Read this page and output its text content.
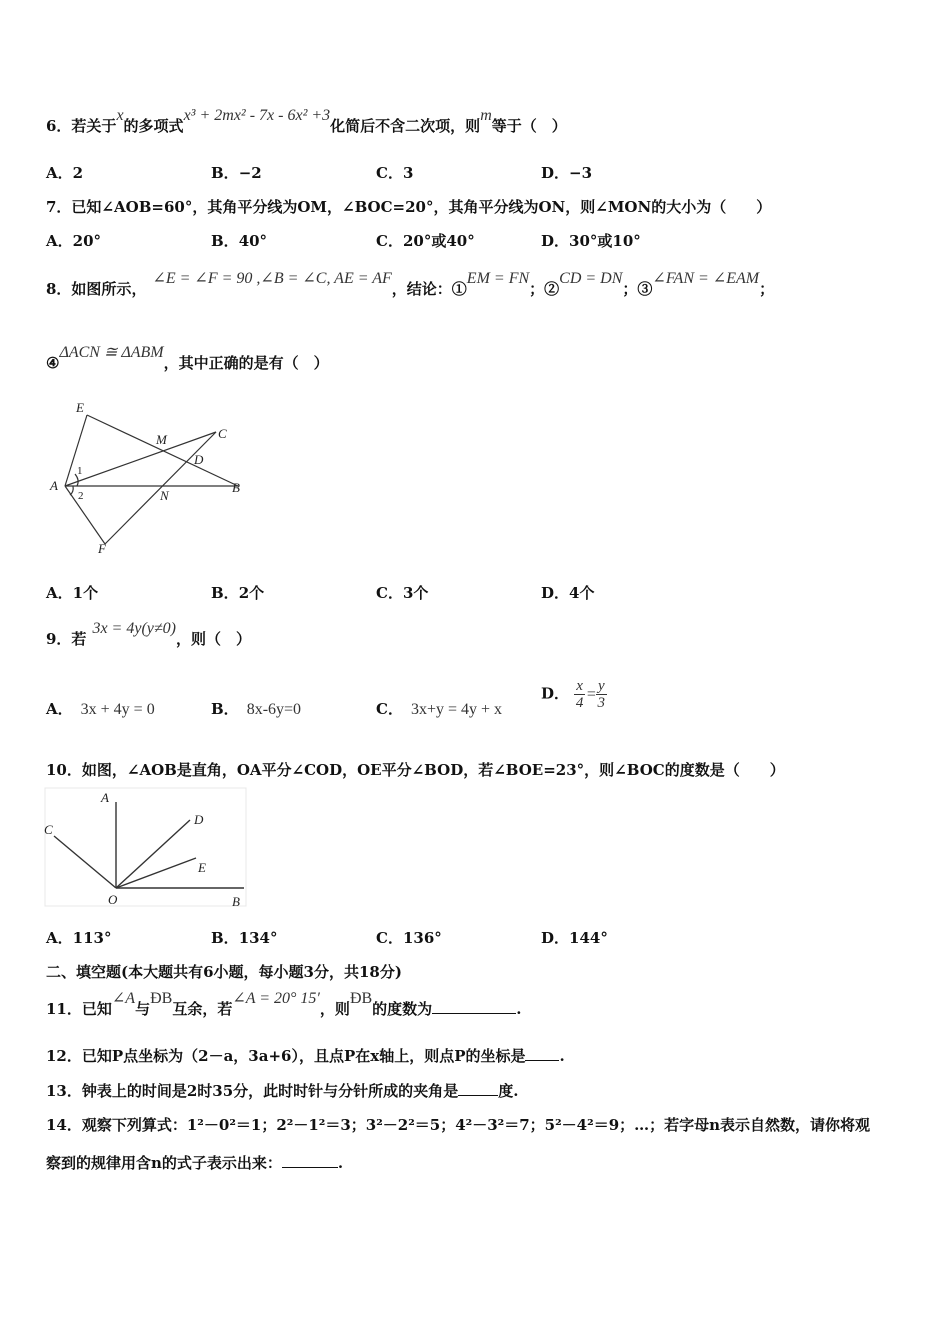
6．若关于x的多项式x³ + 2mx² - 7x - 6x² +3化简后不含二次项，则m等于（　）
A．2	B．−2	C．3	D．−3
7．已知∠AOB=60°，其角平分线为OM，∠BOC=20°，其角平分线为ON，则∠MON的大小为（　　）
A．20°	B．40°	C．20°或40°	D．30°或10°
8．如图所示，∠E = ∠F = 90 ,∠B = ∠C, AE = AF，结论：①EM = FN；②CD = DN；③∠FAN = ∠EAM；
④ΔACN ≅ ΔABM，其中正确的是有（　）
E
M	C
D
A	B
N
F
1
2
A．1个	B．2个	C．3个	D．4个
9．若3x = 4y(y≠0)，则（　）
A． 3x + 4y = 0	B． 8x-6y=0	C． 3x+y = 4y + x
D． $\frac{x}{4} = \frac{y}{3}$
10．如图，∠AOB是直角，OA平分∠COD，OE平分∠BOD，若∠BOE=23°，则∠BOC的度数是（　　）
A
C
D
E
O	B
A．113°	B．134°	C．136°	D．144°
二、填空题(本大题共有6小题，每小题3分，共18分)
11．已知∠A与ÐB互余，若∠A = 20° 15′，则ÐB的度数为	.
12．已知P点坐标为（2－a，3a+6），且点P在x轴上，则点P的坐标是 .
13．钟表上的时间是2时35分，此时时针与分针所成的夹角是	度.
14．观察下列算式：1²－0²＝1；2²－1²＝3；3²－2²＝5；4²－3²＝7；5²－4²＝9；…；若字母n表示自然数，请你将观
察到的规律用含n的式子表示出来：	.
